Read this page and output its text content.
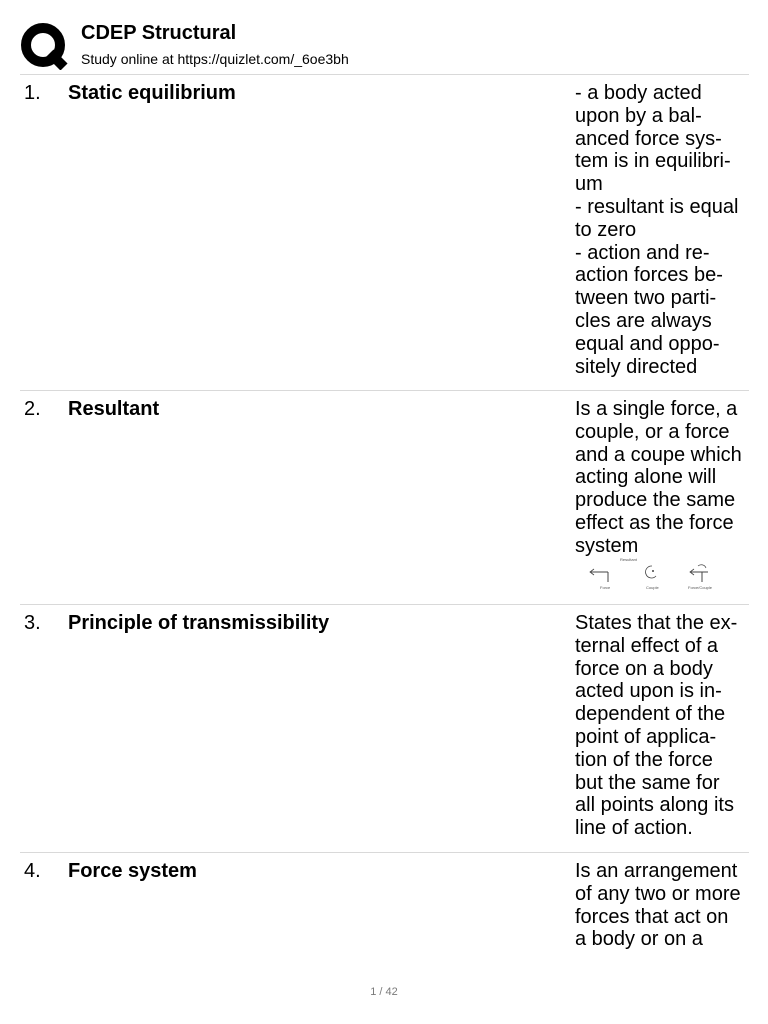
CDEP Structural
Study online at https://quizlet.com/_6oe3bh
1. Static equilibrium	- a body acted
upon by a bal-
anced force sys-
tem is in equilibri-
um
- resultant is equal
to zero
- action and re-
action forces be-
tween two parti-
cles are always
equal and oppo-
sitely directed
2. Resultant	Is a single force, a
couple, or a force
and a coupe which
acting alone will
produce the same
effect as the force
system
Resultant
Force	Couple	Force/Couple
3. Principle of transmissibility	States that the ex-
ternal effect of a
force on a body
acted upon is in-
dependent of the
point of applica-
tion of the force
but the same for
all points along its
line of action.
4. Force system	Is an arrangement
of any two or more
forces that act on
a body or on a
1 / 42
